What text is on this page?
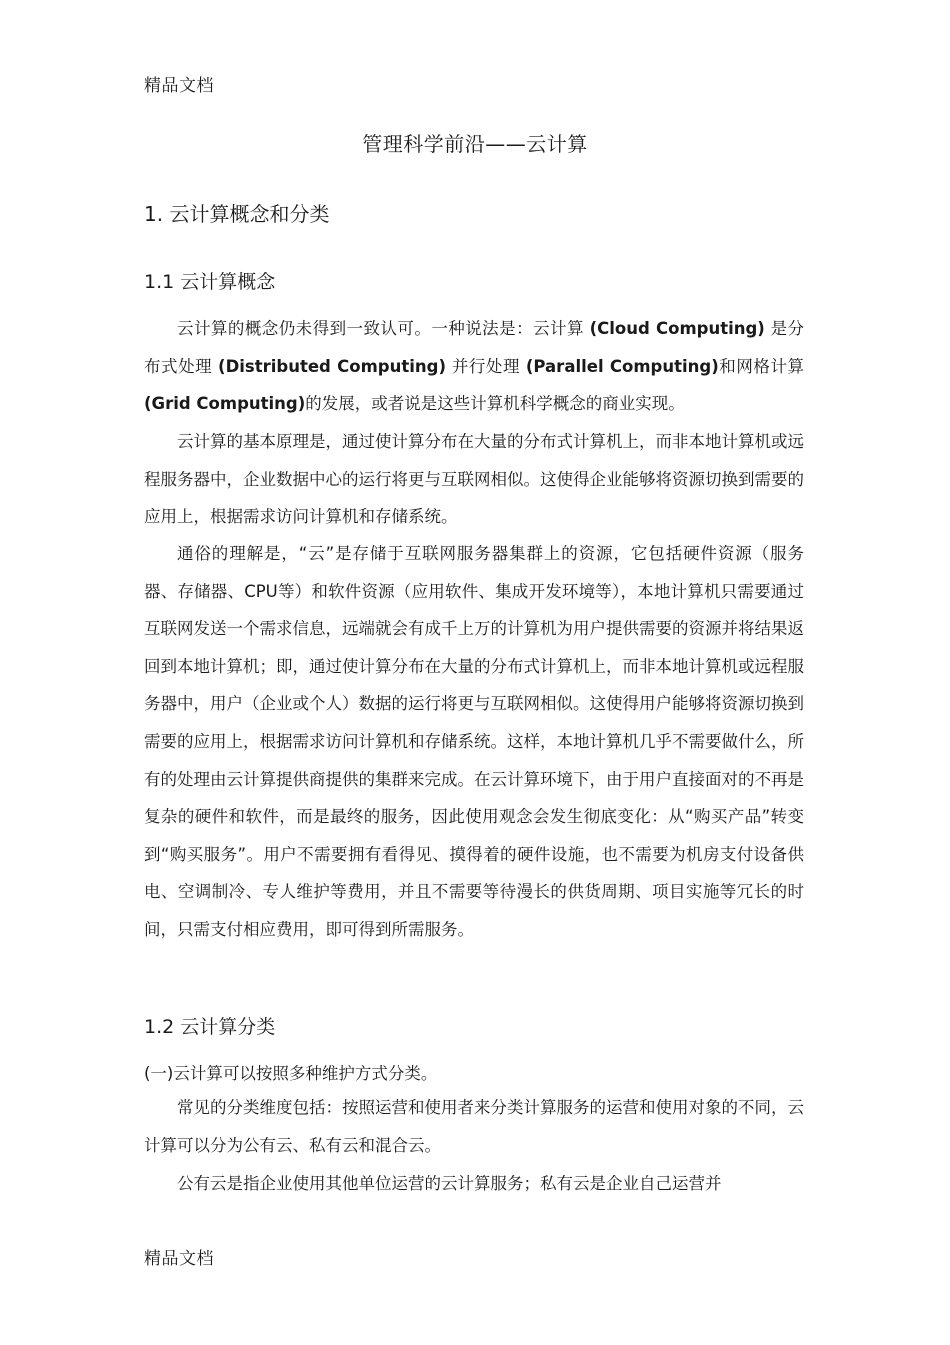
精品文档
管理科学前沿——云计算
1. 云计算概念和分类
1.1 云计算概念

云计算的概念仍未得到一致认可。一种说法是：云计算 (Cloud Computing) 是分布式处理 (Distributed Computing) 并行处理 (Parallel Computing)和网格计算 (Grid Computing)的发展，或者说是这些计算机科学概念的商业实现。

云计算的基本原理是，通过使计算分布在大量的分布式计算机上，而非本地计算机或远程服务器中，企业数据中心的运行将更与互联网相似。这使得企业能够将资源切换到需要的应用上，根据需求访问计算机和存储系统。

通俗的理解是，“云”是存储于互联网服务器集群上的资源，它包括硬件资源（服务器、存储器、CPU等）和软件资源（应用软件、集成开发环境等），本地计算机只需要通过互联网发送一个需求信息，远端就会有成千上万的计算机为用户提供需要的资源并将结果返回到本地计算机；即，通过使计算分布在大量的分布式计算机上，而非本地计算机或远程服务器中，用户（企业或个人）数据的运行将更与互联网相似。这使得用户能够将资源切换到需要的应用上，根据需求访问计算机和存储系统。这样，本地计算机几乎不需要做什么，所有的处理由云计算提供商提供的集群来完成。在云计算环境下，由于用户直接面对的不再是复杂的硬件和软件，而是最终的服务，因此使用观念会发生彻底变化：从“购买产品”转变到“购买服务”。用户不需要拥有看得见、摸得着的硬件设施，也不需要为机房支付设备供电、空调制冷、专人维护等费用，并且不需要等待漫长的供货周期、项目实施等冗长的时间，只需支付相应费用，即可得到所需服务。

1.2 云计算分类
(一)云计算可以按照多种维护方式分类。

常见的分类维度包括：按照运营和使用者来分类计算服务的运营和使用对象的不同，云计算可以分为公有云、私有云和混合云。

公有云是指企业使用其他单位运营的云计算服务；私有云是企业自己运营并

精品文档
